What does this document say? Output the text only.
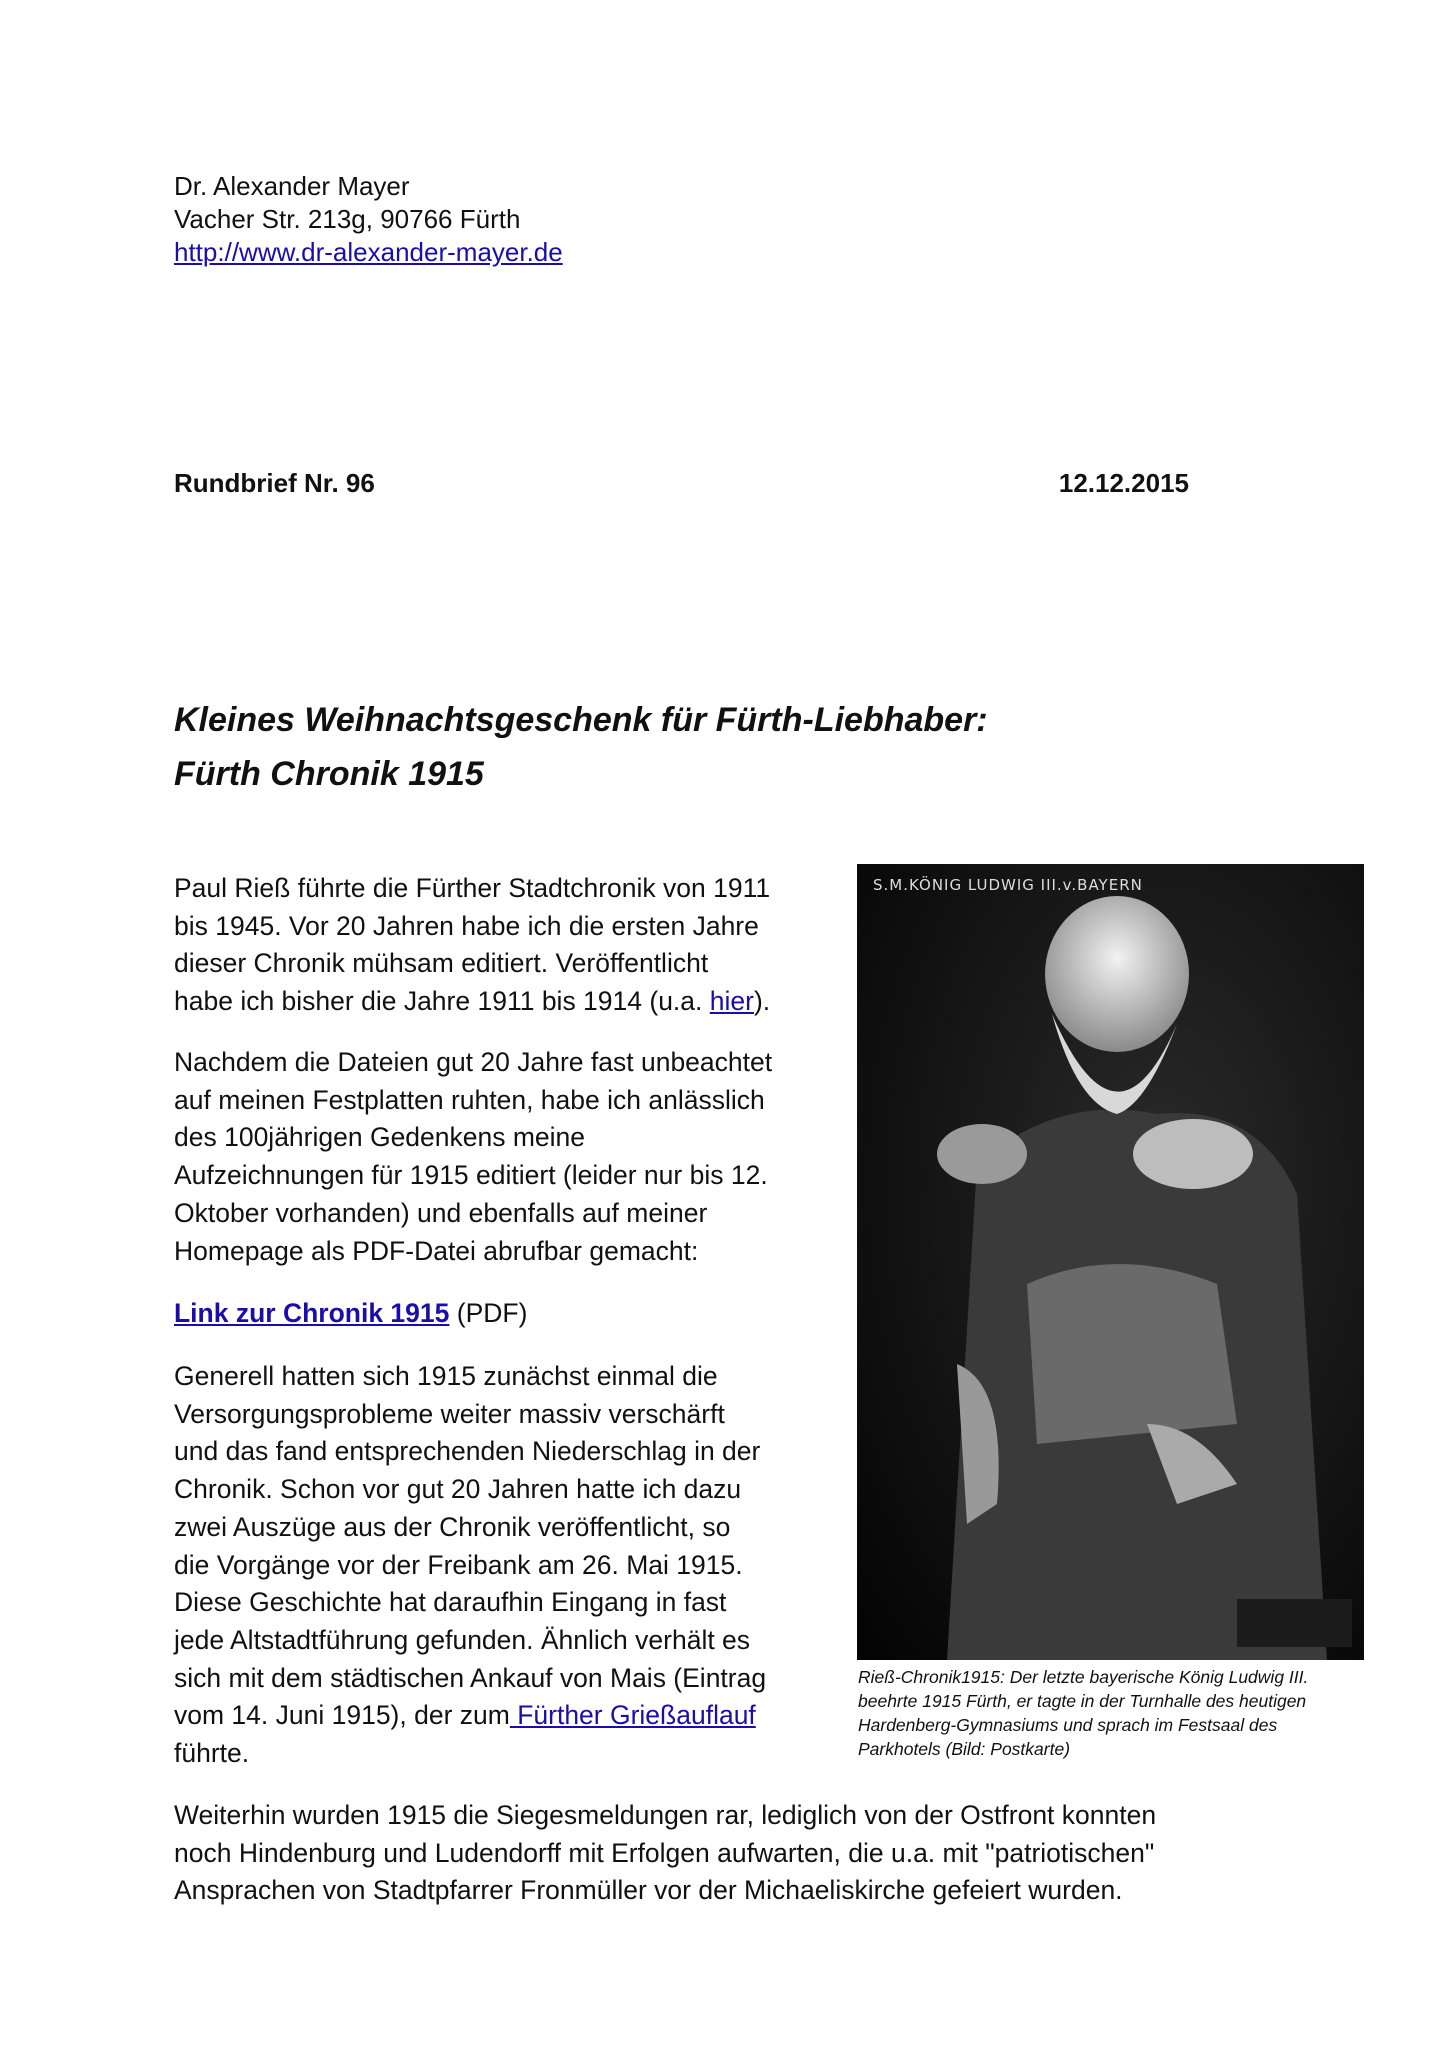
Dr. Alexander Mayer
Vacher Str. 213g, 90766 Fürth
http://www.dr-alexander-mayer.de
Rundbrief Nr. 96	12.12.2015
Kleines Weihnachtsgeschenk für Fürth-Liebhaber:
Fürth Chronik 1915
Paul Rieß führte die Fürther Stadtchronik von 1911
bis 1945. Vor 20 Jahren habe ich die ersten Jahre
dieser Chronik mühsam editiert. Veröffentlicht
habe ich bisher die Jahre 1911 bis 1914 (u.a. hier).
Nachdem die Dateien gut 20 Jahre fast unbeachtet
auf meinen Festplatten ruhten, habe ich anlässlich
des 100jährigen Gedenkens meine
Aufzeichnungen für 1915 editiert (leider nur bis 12.
Oktober vorhanden) und ebenfalls auf meiner
Homepage als PDF-Datei abrufbar gemacht:
Link zur Chronik 1915 (PDF)
Generell hatten sich 1915 zunächst einmal die
Versorgungsprobleme weiter massiv verschärft
und das fand entsprechenden Niederschlag in der
Chronik. Schon vor gut 20 Jahren hatte ich dazu
zwei Auszüge aus der Chronik veröffentlicht, so
die Vorgänge vor der Freibank am 26. Mai 1915.
Diese Geschichte hat daraufhin Eingang in fast
jede Altstadtführung gefunden. Ähnlich verhält es
sich mit dem städtischen Ankauf von Mais (Eintrag
vom 14. Juni 1915), der zum Fürther Grießauflauf
führte.
S.M.KÖNIG LUDWIG III.v.BAYERN
Rieß-Chronik1915: Der letzte bayerische König Ludwig III.
beehrte 1915 Fürth, er tagte in der Turnhalle des heutigen
Hardenberg-Gymnasiums und sprach im Festsaal des
Parkhotels (Bild: Postkarte)
Weiterhin wurden 1915 die Siegesmeldungen rar, lediglich von der Ostfront konnten
noch Hindenburg und Ludendorff mit Erfolgen aufwarten, die u.a. mit "patriotischen"
Ansprachen von Stadtpfarrer Fronmüller vor der Michaeliskirche gefeiert wurden.
